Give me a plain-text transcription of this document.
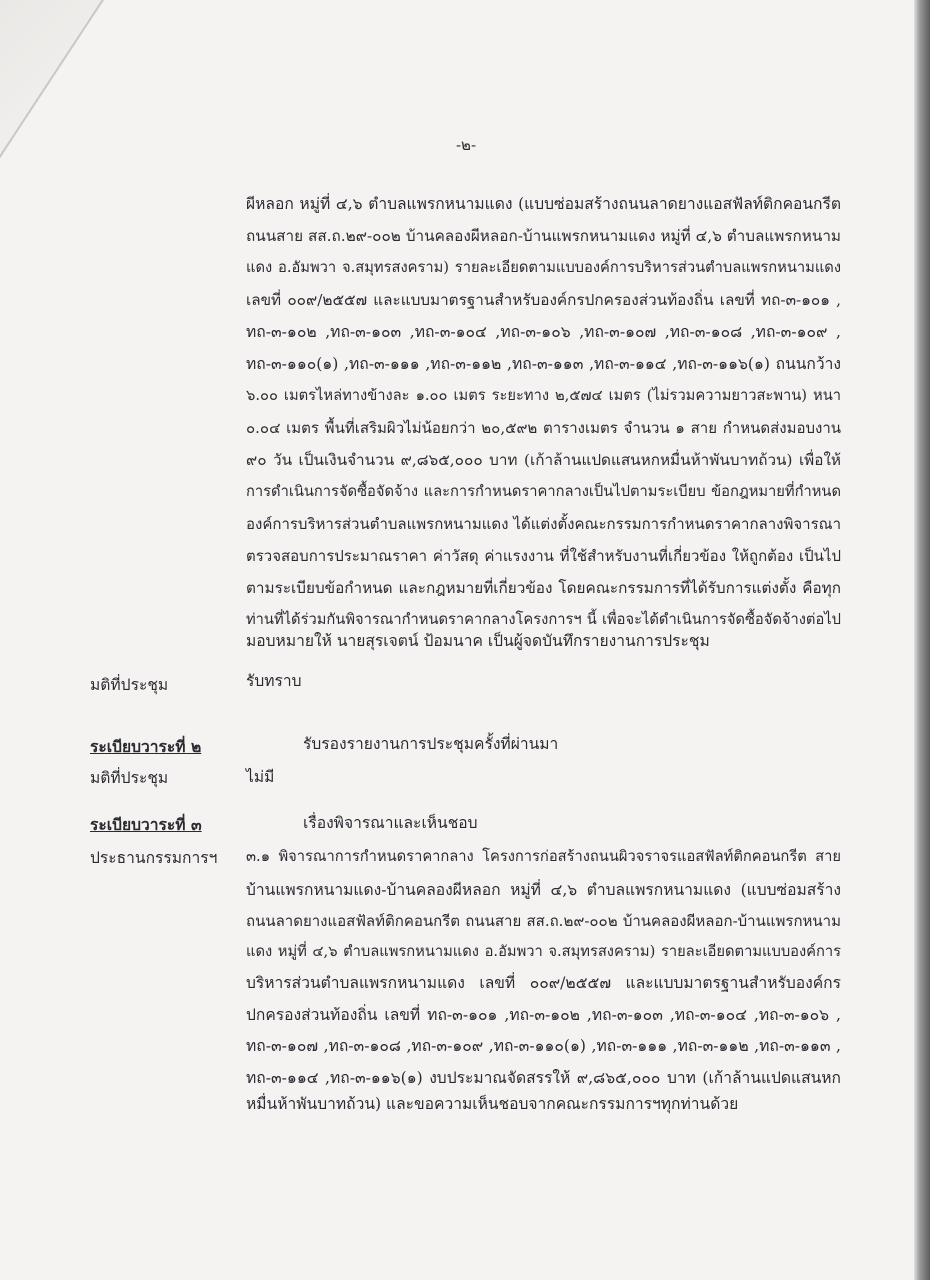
-๒-
ผีหลอก หมู่ที่ ๔,๖ ตำบลแพรกหนามแดง (แบบซ่อมสร้างถนนลาดยางแอสฟัลท์ติกคอนกรีต
ถนนสาย สส.ถ.๒๙-๐๐๒ บ้านคลองผีหลอก-บ้านแพรกหนามแดง หมู่ที่ ๔,๖ ตำบลแพรกหนาม
แดง อ.อัมพวา จ.สมุทรสงคราม) รายละเอียดตามแบบองค์การบริหารส่วนตำบลแพรกหนามแดง
เลขที่ ๐๐๙/๒๕๕๗ และแบบมาตรฐานสำหรับองค์กรปกครองส่วนท้องถิ่น เลขที่ ทถ-๓-๑๐๑ ,
ทถ-๓-๑๐๒ ,ทถ-๓-๑๐๓ ,ทถ-๓-๑๐๔ ,ทถ-๓-๑๐๖ ,ทถ-๓-๑๐๗ ,ทถ-๓-๑๐๘ ,ทถ-๓-๑๐๙ ,
ทถ-๓-๑๑๐(๑) ,ทถ-๓-๑๑๑ ,ทถ-๓-๑๑๒ ,ทถ-๓-๑๑๓ ,ทถ-๓-๑๑๔ ,ทถ-๓-๑๑๖(๑) ถนนกว้าง
๖.๐๐ เมตรไหล่ทางข้างละ ๑.๐๐ เมตร ระยะทาง ๒,๕๗๔ เมตร (ไม่รวมความยาวสะพาน) หนา
๐.๐๔ เมตร พื้นที่เสริมผิวไม่น้อยกว่า ๒๐,๕๙๒ ตารางเมตร จำนวน ๑ สาย กำหนดส่งมอบงาน
๙๐ วัน เป็นเงินจำนวน ๙,๘๖๕,๐๐๐ บาท (เก้าล้านแปดแสนหกหมื่นห้าพันบาทถ้วน) เพื่อให้
การดำเนินการจัดซื้อจัดจ้าง และการกำหนดราคากลางเป็นไปตามระเบียบ ข้อกฎหมายที่กำหนด
องค์การบริหารส่วนตำบลแพรกหนามแดง ได้แต่งตั้งคณะกรรมการกำหนดราคากลางพิจารณา
ตรวจสอบการประมาณราคา ค่าวัสดุ ค่าแรงงาน ที่ใช้สำหรับงานที่เกี่ยวข้อง ให้ถูกต้อง เป็นไป
ตามระเบียบข้อกำหนด และกฎหมายที่เกี่ยวข้อง โดยคณะกรรมการที่ได้รับการแต่งตั้ง คือทุก
ท่านที่ได้ร่วมกันพิจารณากำหนดราคากลางโครงการฯ นี้ เพื่อจะได้ดำเนินการจัดซื้อจัดจ้างต่อไป
มอบหมายให้ นายสุรเจตน์ ป้อมนาค เป็นผู้จดบันทึกรายงานการประชุม
มติที่ประชุม	รับทราบ
ระเบียบวาระที่ ๒	รับรองรายงานการประชุมครั้งที่ผ่านมา
มติที่ประชุม	ไม่มี
ระเบียบวาระที่ ๓	เรื่องพิจารณาและเห็นชอบ
ประธานกรรมการฯ ๓.๑ พิจารณาการกำหนดราคากลาง โครงการก่อสร้างถนนผิวจราจรแอสฟัลท์ติกคอนกรีต สาย
บ้านแพรกหนามแดง-บ้านคลองผีหลอก หมู่ที่ ๔,๖ ตำบลแพรกหนามแดง (แบบซ่อมสร้าง
ถนนลาดยางแอสฟัลท์ติกคอนกรีต ถนนสาย สส.ถ.๒๙-๐๐๒ บ้านคลองผีหลอก-บ้านแพรกหนาม
แดง หมู่ที่ ๔,๖ ตำบลแพรกหนามแดง อ.อัมพวา จ.สมุทรสงคราม) รายละเอียดตามแบบองค์การ
บริหารส่วนตำบลแพรกหนามแดง เลขที่ ๐๐๙/๒๕๕๗ และแบบมาตรฐานสำหรับองค์กร
ปกครองส่วนท้องถิ่น เลขที่ ทถ-๓-๑๐๑ ,ทถ-๓-๑๐๒ ,ทถ-๓-๑๐๓ ,ทถ-๓-๑๐๔ ,ทถ-๓-๑๐๖ ,
ทถ-๓-๑๐๗ ,ทถ-๓-๑๐๘ ,ทถ-๓-๑๐๙ ,ทถ-๓-๑๑๐(๑) ,ทถ-๓-๑๑๑ ,ทถ-๓-๑๑๒ ,ทถ-๓-๑๑๓ ,
ทถ-๓-๑๑๔ ,ทถ-๓-๑๑๖(๑) งบประมาณจัดสรรให้ ๙,๘๖๕,๐๐๐ บาท (เก้าล้านแปดแสนหก
หมื่นห้าพันบาทถ้วน) และขอความเห็นชอบจากคณะกรรมการฯทุกท่านด้วย
